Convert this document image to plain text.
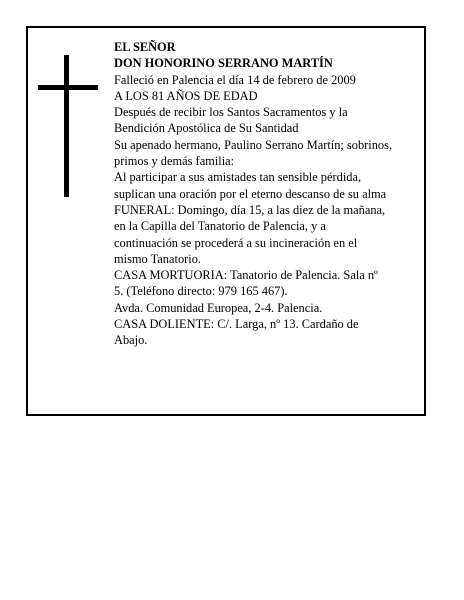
EL SEÑOR
DON HONORINO SERRANO MARTÍN
Falleció en Palencia el día 14 de febrero de 2009
A LOS 81 AÑOS DE EDAD
Después de recibir los Santos Sacramentos y la
Bendición Apostólica de Su Santidad
Su apenado hermano, Paulino Serrano Martín; sobrinos,
primos y demás familia:
Al participar a sus amistades tan sensible pérdida,
suplican una oración por el eterno descanso de su alma
FUNERAL: Domingo, día 15, a las diez de la mañana,
en la Capilla del Tanatorio de Palencia, y a
continuación se procederá a su incineración en el
mismo Tanatorio.
CASA MORTUORIA: Tanatorio de Palencia. Sala nº
5. (Teléfono directo: 979 165 467).
Avda. Comunidad Europea, 2-4. Palencia.
CASA DOLIENTE: C/. Larga, nº 13. Cardaño de
Abajo.
